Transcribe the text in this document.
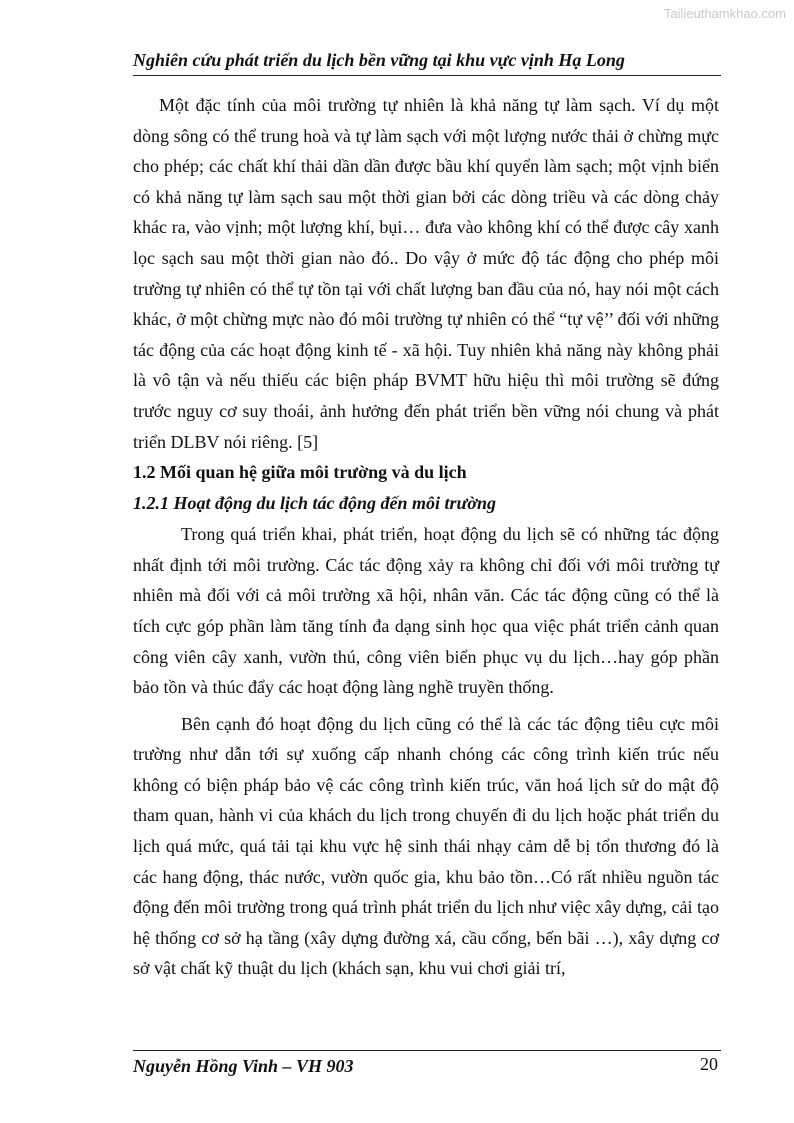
Tailieuthamkhao.com
Nghiên cứu phát triển du lịch bền vững tại khu vực vịnh Hạ Long

Một đặc tính của môi trường tự nhiên là khả năng tự làm sạch. Ví dụ một dòng sông có thể trung hoà và tự làm sạch với một lượng nước thải ở chừng mực cho phép; các chất khí thải dần dần được bầu khí quyển làm sạch; một vịnh biển có khả năng tự làm sạch sau một thời gian bởi các dòng triều và các dòng chảy khác ra, vào vịnh; một lượng khí, bụi… đưa vào không khí có thể được cây xanh lọc sạch sau một thời gian nào đó.. Do vậy ở mức độ tác động cho phép môi trường tự nhiên có thể tự tồn tại với chất lượng ban đầu của nó, hay nói một cách khác, ở một chừng mực nào đó môi trường tự nhiên có thể “tự vệ’’ đối với những tác động của các hoạt động kinh tế - xã hội. Tuy nhiên khả năng này không phải là vô tận và nếu thiếu các biện pháp BVMT hữu hiệu thì môi trường sẽ đứng trước nguy cơ suy thoái, ảnh hưởng đến phát triển bền vững nói chung và phát triển DLBV nói riêng. [5]

1.2 Mối quan hệ giữa môi trường và du lịch
1.2.1 Hoạt động du lịch tác động đến môi trường

Trong quá triển khai, phát triển, hoạt động du lịch sẽ có những tác động nhất định tới môi trường. Các tác động xảy ra không chỉ đối với môi trường tự nhiên mà đối với cả môi trường xã hội, nhân văn. Các tác động cũng có thể là tích cực góp phần làm tăng tính đa dạng sinh học qua việc phát triển cảnh quan công viên cây xanh, vườn thú, công viên biển phục vụ du lịch…hay góp phần bảo tồn và thúc đẩy các hoạt động làng nghề truyền thống.

Bên cạnh đó hoạt động du lịch cũng có thể là các tác động tiêu cực môi trường như dẫn tới sự xuống cấp nhanh chóng các công trình kiến trúc nếu không có biện pháp bảo vệ các công trình kiến trúc, văn hoá lịch sử do mật độ tham quan, hành vi của khách du lịch trong chuyến đi du lịch hoặc phát triển du lịch quá mức, quá tải tại khu vực hệ sinh thái nhạy cảm dễ bị tổn thương đó là các hang động, thác nước, vườn quốc gia, khu bảo tồn…Có rất nhiều nguồn tác động đến môi trường trong quá trình phát triển du lịch như việc xây dựng, cải tạo hệ thống cơ sở hạ tầng (xây dựng đường xá, cầu cống, bến bãi …), xây dựng cơ sở vật chất kỹ thuật du lịch (khách sạn, khu vui chơi giải trí,

Nguyễn Hồng Vinh – VH 903	20
